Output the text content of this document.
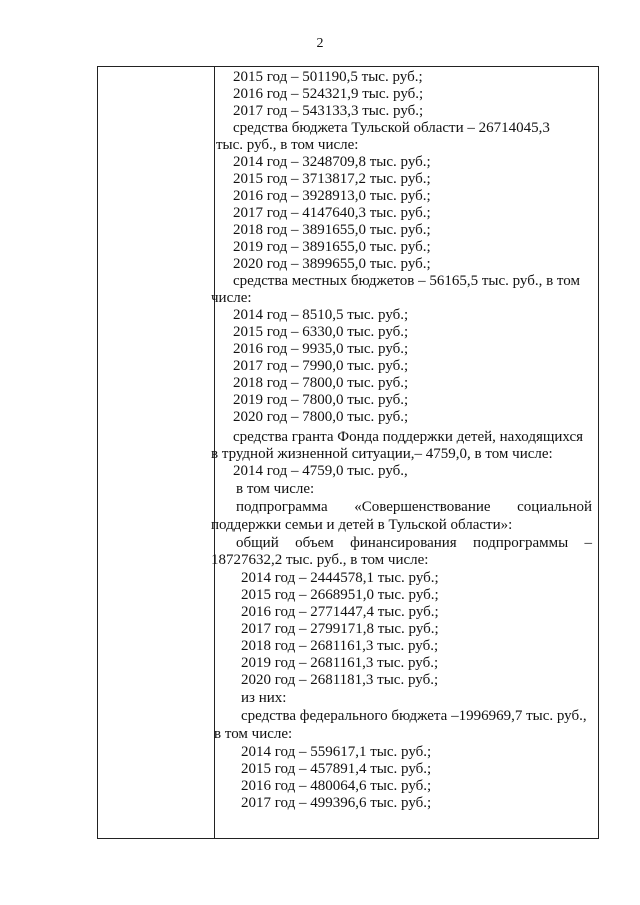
2
2015 год – 501190,5 тыс. руб.;
2016 год – 524321,9 тыс. руб.;
2017 год – 543133,3 тыс. руб.;
средства бюджета Тульской области – 26714045,3
тыс. руб., в том числе:
2014 год – 3248709,8 тыс. руб.;
2015 год – 3713817,2 тыс. руб.;
2016 год – 3928913,0 тыс. руб.;
2017 год – 4147640,3 тыс. руб.;
2018 год – 3891655,0 тыс. руб.;
2019 год – 3891655,0 тыс. руб.;
2020 год – 3899655,0 тыс. руб.;
средства местных бюджетов – 56165,5 тыс. руб., в том
числе:
2014 год – 8510,5 тыс. руб.;
2015 год – 6330,0 тыс. руб.;
2016 год – 9935,0 тыс. руб.;
2017 год – 7990,0 тыс. руб.;
2018 год – 7800,0 тыс. руб.;
2019 год – 7800,0 тыс. руб.;
2020 год – 7800,0 тыс. руб.;
средства гранта Фонда поддержки детей, находящихся
в трудной жизненной ситуации,– 4759,0, в том числе:
2014 год – 4759,0 тыс. руб.,
в том числе:
подпрограмма «Совершенствование социальной
поддержки семьи и детей в Тульской области»:
общий объем финансирования подпрограммы –
18727632,2 тыс. руб., в том числе:
2014 год – 2444578,1 тыс. руб.;
2015 год – 2668951,0 тыс. руб.;
2016 год – 2771447,4 тыс. руб.;
2017 год – 2799171,8 тыс. руб.;
2018 год – 2681161,3 тыс. руб.;
2019 год – 2681161,3 тыс. руб.;
2020 год – 2681181,3 тыс. руб.;
из них:
средства федерального бюджета –1996969,7 тыс. руб.,
в том числе:
2014 год – 559617,1 тыс. руб.;
2015 год – 457891,4 тыс. руб.;
2016 год – 480064,6 тыс. руб.;
2017 год – 499396,6 тыс. руб.;
